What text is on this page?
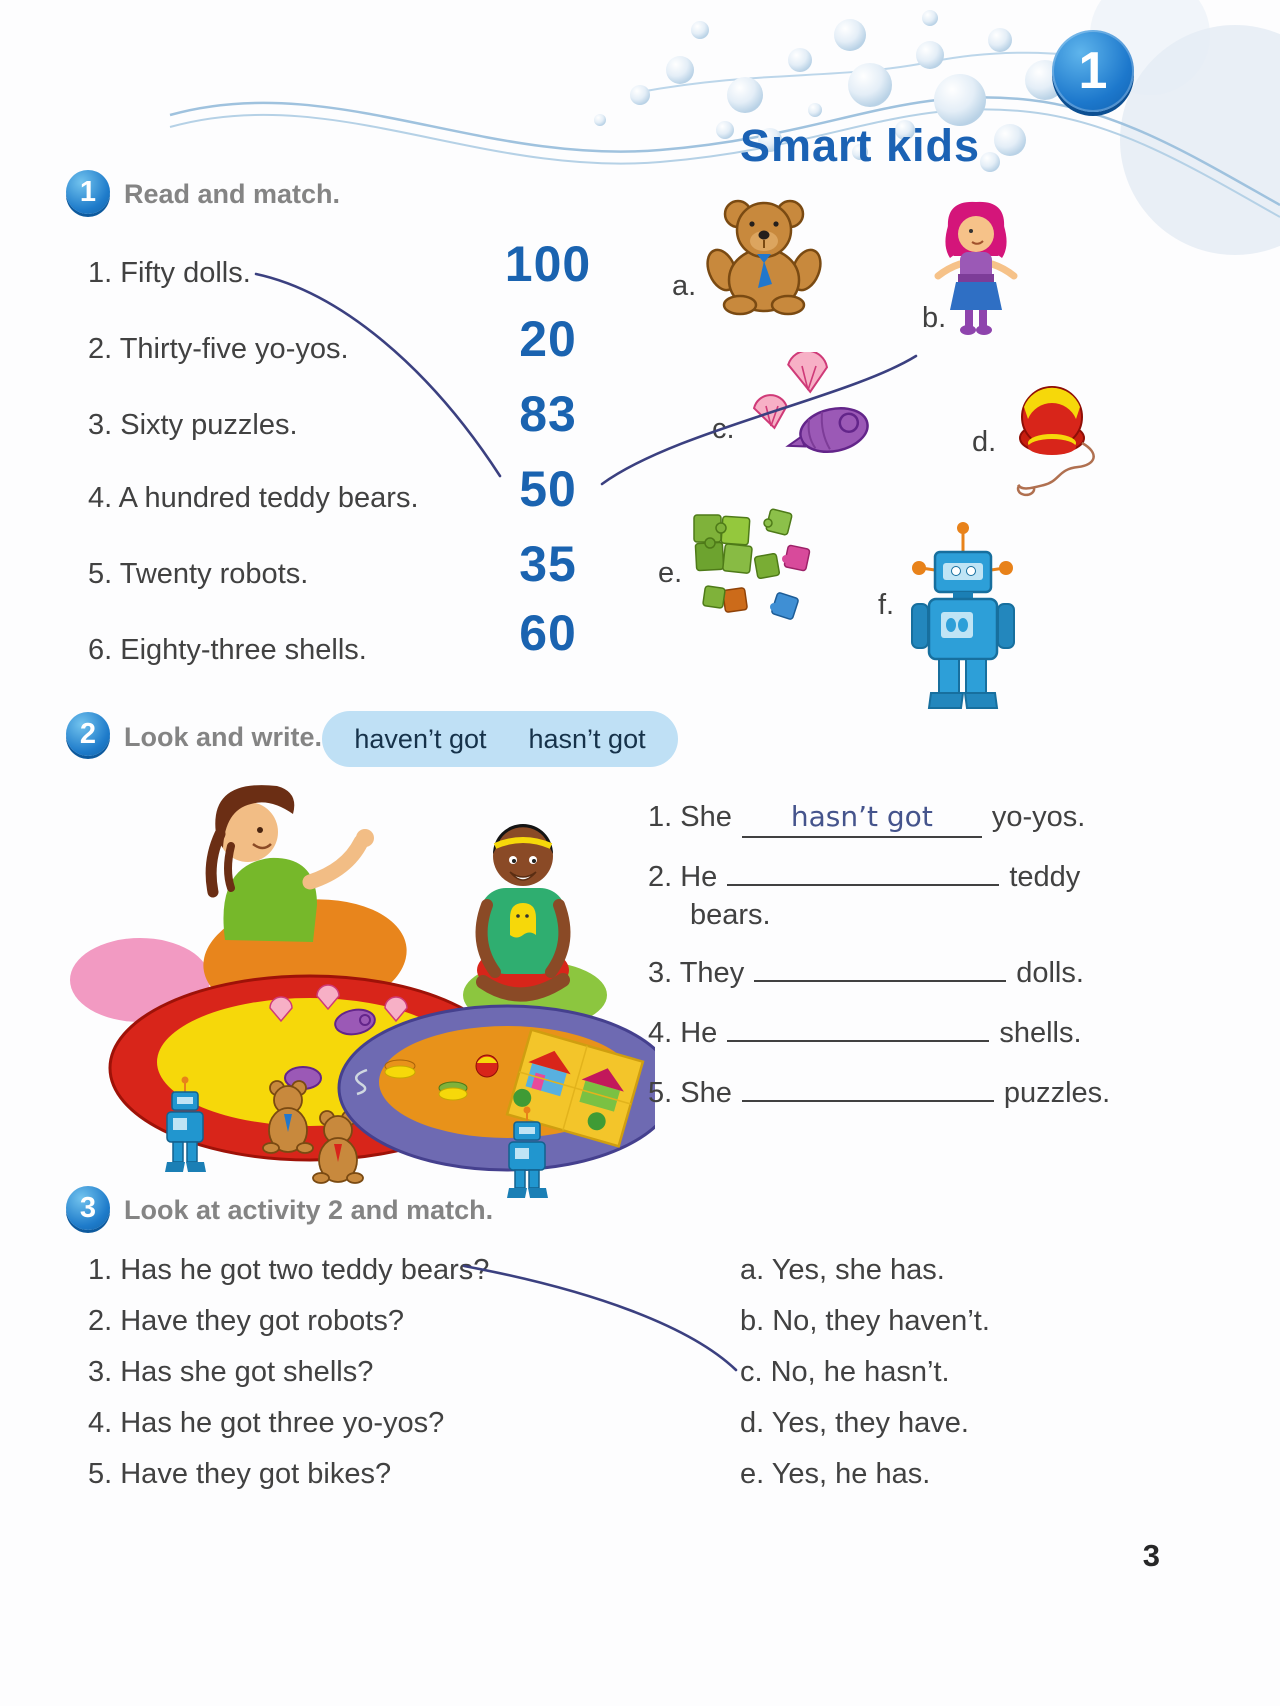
1
Smart kids
1 Read and match.
1. Fifty dolls.
2. Thirty-five yo-yos.
3. Sixty puzzles.
4. A hundred teddy bears.
5. Twenty robots.
6. Eighty-three shells.
100
20
83
50
35
60
a.
b.
c.	d.
e.
f.
2 Look and write. haven’t got hasn’t got
1. She	hasn’t got	yo-yos.
2. He	teddy
bears.
3. They	dolls.
4. He	shells.
5. She	puzzles.
3 Look at activity 2 and match.
1. Has he got two teddy bears?
2. Have they got robots?
3. Has she got shells?
4. Has he got three yo-yos?
5. Have they got bikes?
a. Yes, she has.
b. No, they haven’t.
c. No, he hasn’t.
d. Yes, they have.
e. Yes, he has.
3
